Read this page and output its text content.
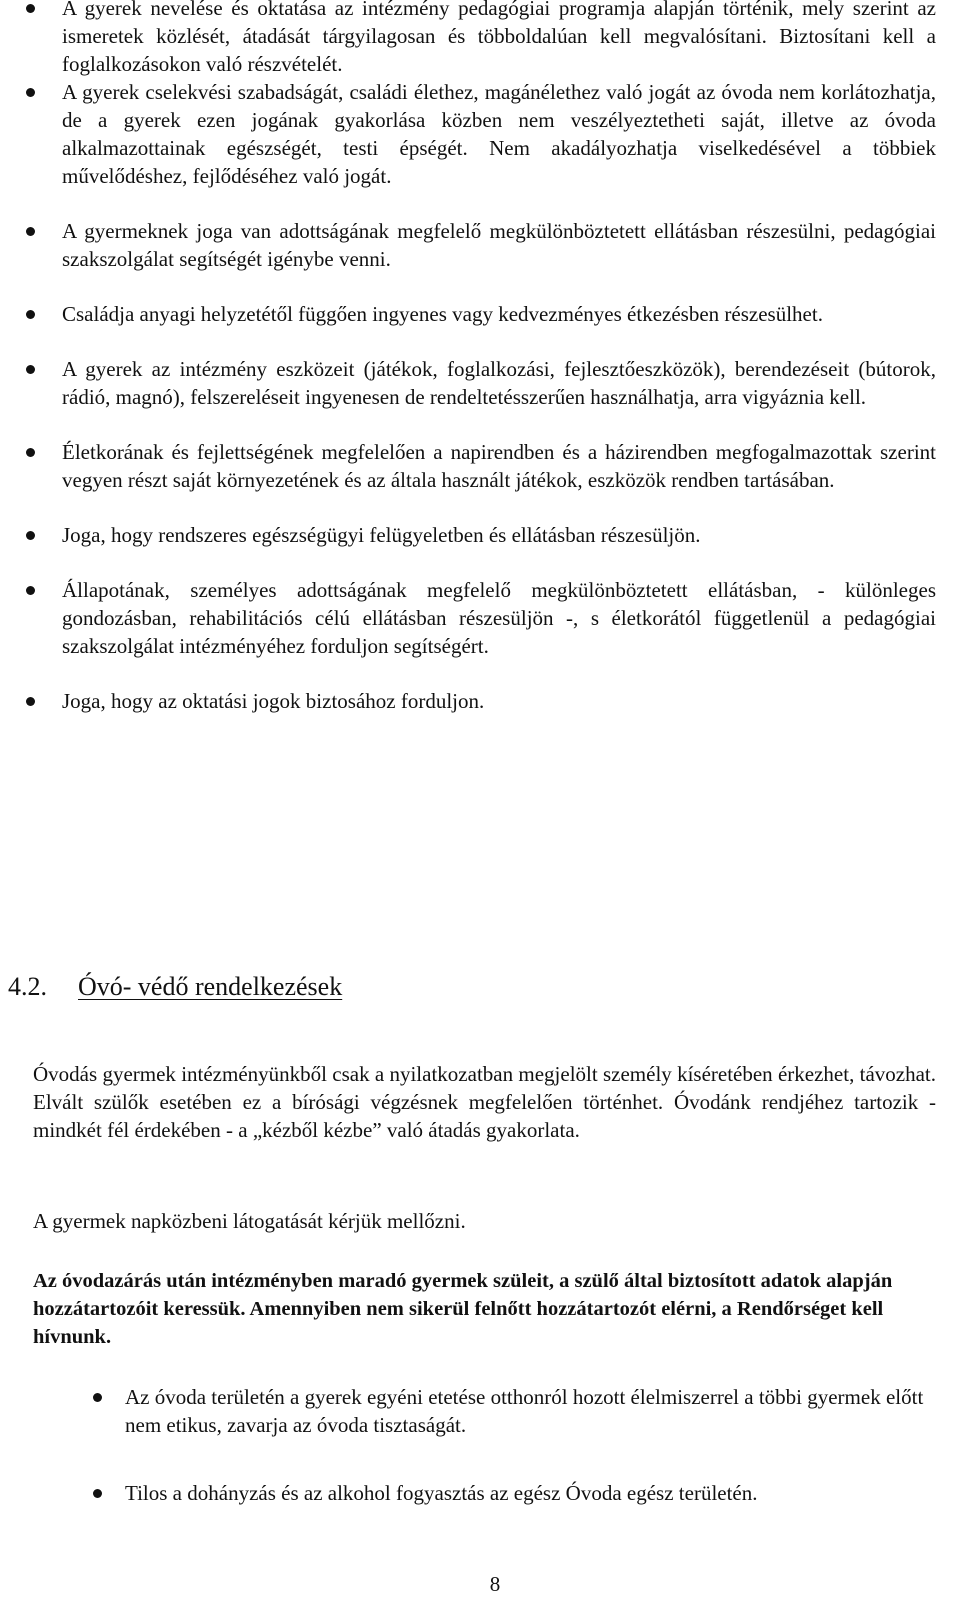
A gyerek nevelése és oktatása az intézmény pedagógiai programja alapján történik, mely szerint az ismeretek közlését, átadását tárgyilagosan és többoldalúan kell megvalósítani. Biztosítani kell a foglalkozásokon való részvételét.
A gyerek cselekvési szabadságát, családi élethez, magánélethez való jogát az óvoda nem korlátozhatja, de a gyerek ezen jogának gyakorlása közben nem veszélyeztetheti saját, illetve az óvoda alkalmazottainak egészségét, testi épségét. Nem akadályozhatja viselkedésével a többiek művelődéshez, fejlődéséhez való jogát.
A gyermeknek joga van adottságának megfelelő megkülönböztetett ellátásban részesülni, pedagógiai szakszolgálat segítségét igénybe venni.
Családja anyagi helyzetétől függően ingyenes vagy kedvezményes étkezésben részesülhet.
A gyerek az intézmény eszközeit (játékok, foglalkozási, fejlesztőeszközök), berendezéseit (bútorok, rádió, magnó), felszereléseit ingyenesen de rendeltetésszerűen használhatja, arra vigyáznia kell.
Életkorának és fejlettségének megfelelően a napirendben és a házirendben megfogalmazottak szerint vegyen részt saját környezetének és az általa használt játékok, eszközök rendben tartásában.
Joga, hogy rendszeres egészségügyi felügyeletben és ellátásban részesüljön.
Állapotának, személyes adottságának megfelelő megkülönböztetett ellátásban, - különleges gondozásban, rehabilitációs célú ellátásban részesüljön -, s életkorától függetlenül a pedagógiai szakszolgálat intézményéhez forduljon segítségért.
Joga, hogy az oktatási jogok biztosához forduljon.
4.2. Óvó- védő rendelkezések

Óvodás gyermek intézményünkből csak a nyilatkozatban megjelölt személy kíséretében érkezhet, távozhat. Elvált szülők esetében ez a bírósági végzésnek megfelelően történhet. Óvodánk rendjéhez tartozik - mindkét fél érdekében - a „kézből kézbe” való átadás gyakorlata.

A gyermek napközbeni látogatását kérjük mellőzni.

Az óvodazárás után intézményben maradó gyermek szüleit, a szülő által biztosított adatok alapján hozzátartozóit keressük. Amennyiben nem sikerül felnőtt hozzátartozót elérni, a Rendőrséget kell hívnunk.

Az óvoda területén a gyerek egyéni etetése otthonról hozott élelmiszerrel a többi gyermek előtt nem etikus, zavarja az óvoda tisztaságát.
Tilos a dohányzás és az alkohol fogyasztás az egész Óvoda egész területén.
8
